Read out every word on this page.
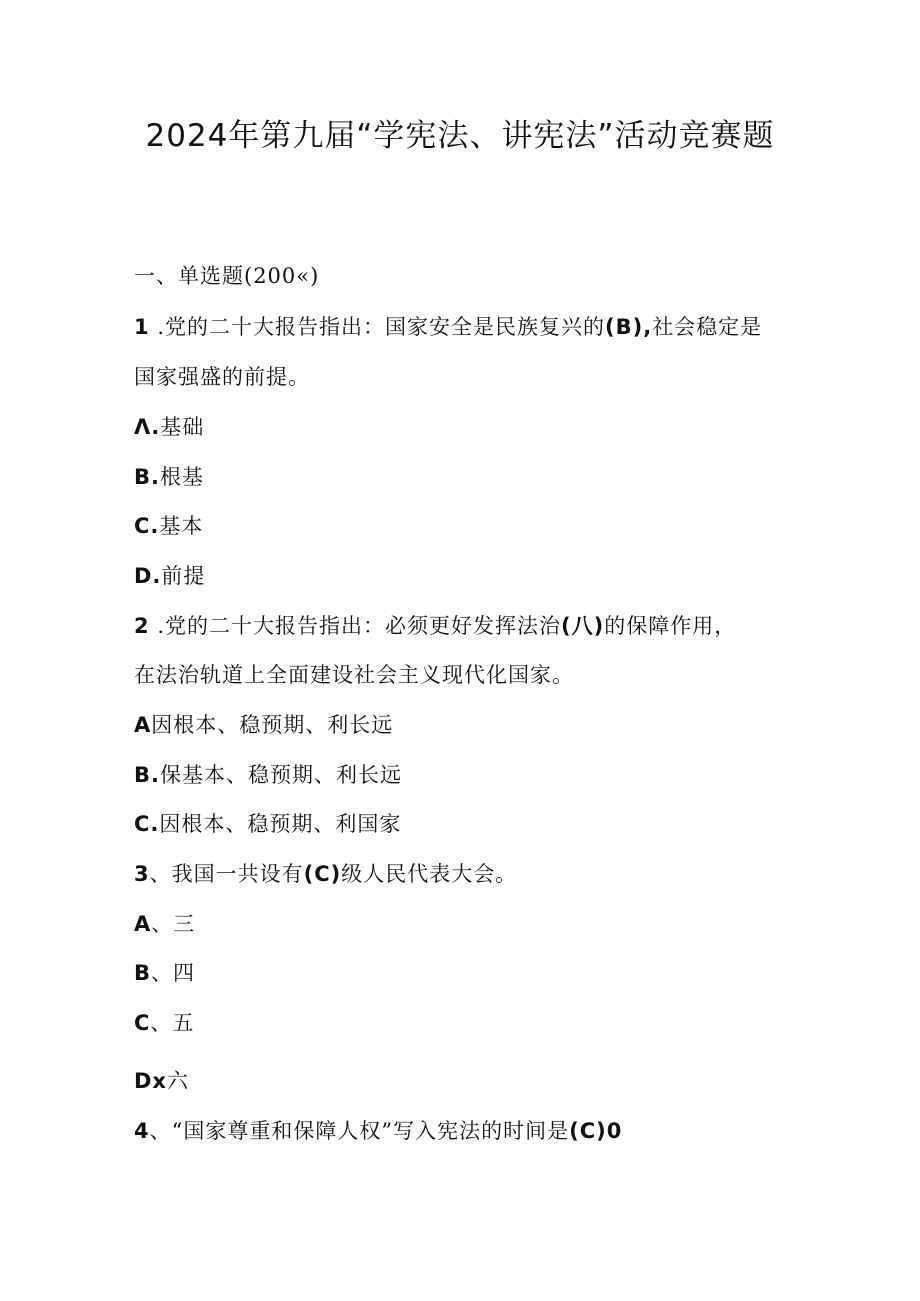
2024年第九届“学宪法、讲宪法”活动竞赛题
一、单选题(200«)
1 .党的二十大报告指出：国家安全是民族复兴的(B),社会稳定是
国家强盛的前提。
Λ.基础
B.根基
C.基本
D.前提
2 .党的二十大报告指出：必须更好发挥法治(八)的保障作用，
在法治轨道上全面建设社会主义现代化国家。
A因根本、稳预期、利长远
B.保基本、稳预期、利长远
C.因根本、稳预期、利国家
3、我国一共设有(C)级人民代表大会。
A、三
B、四
C、五
Dx六
4、“国家尊重和保障人权”写入宪法的时间是(C)0
